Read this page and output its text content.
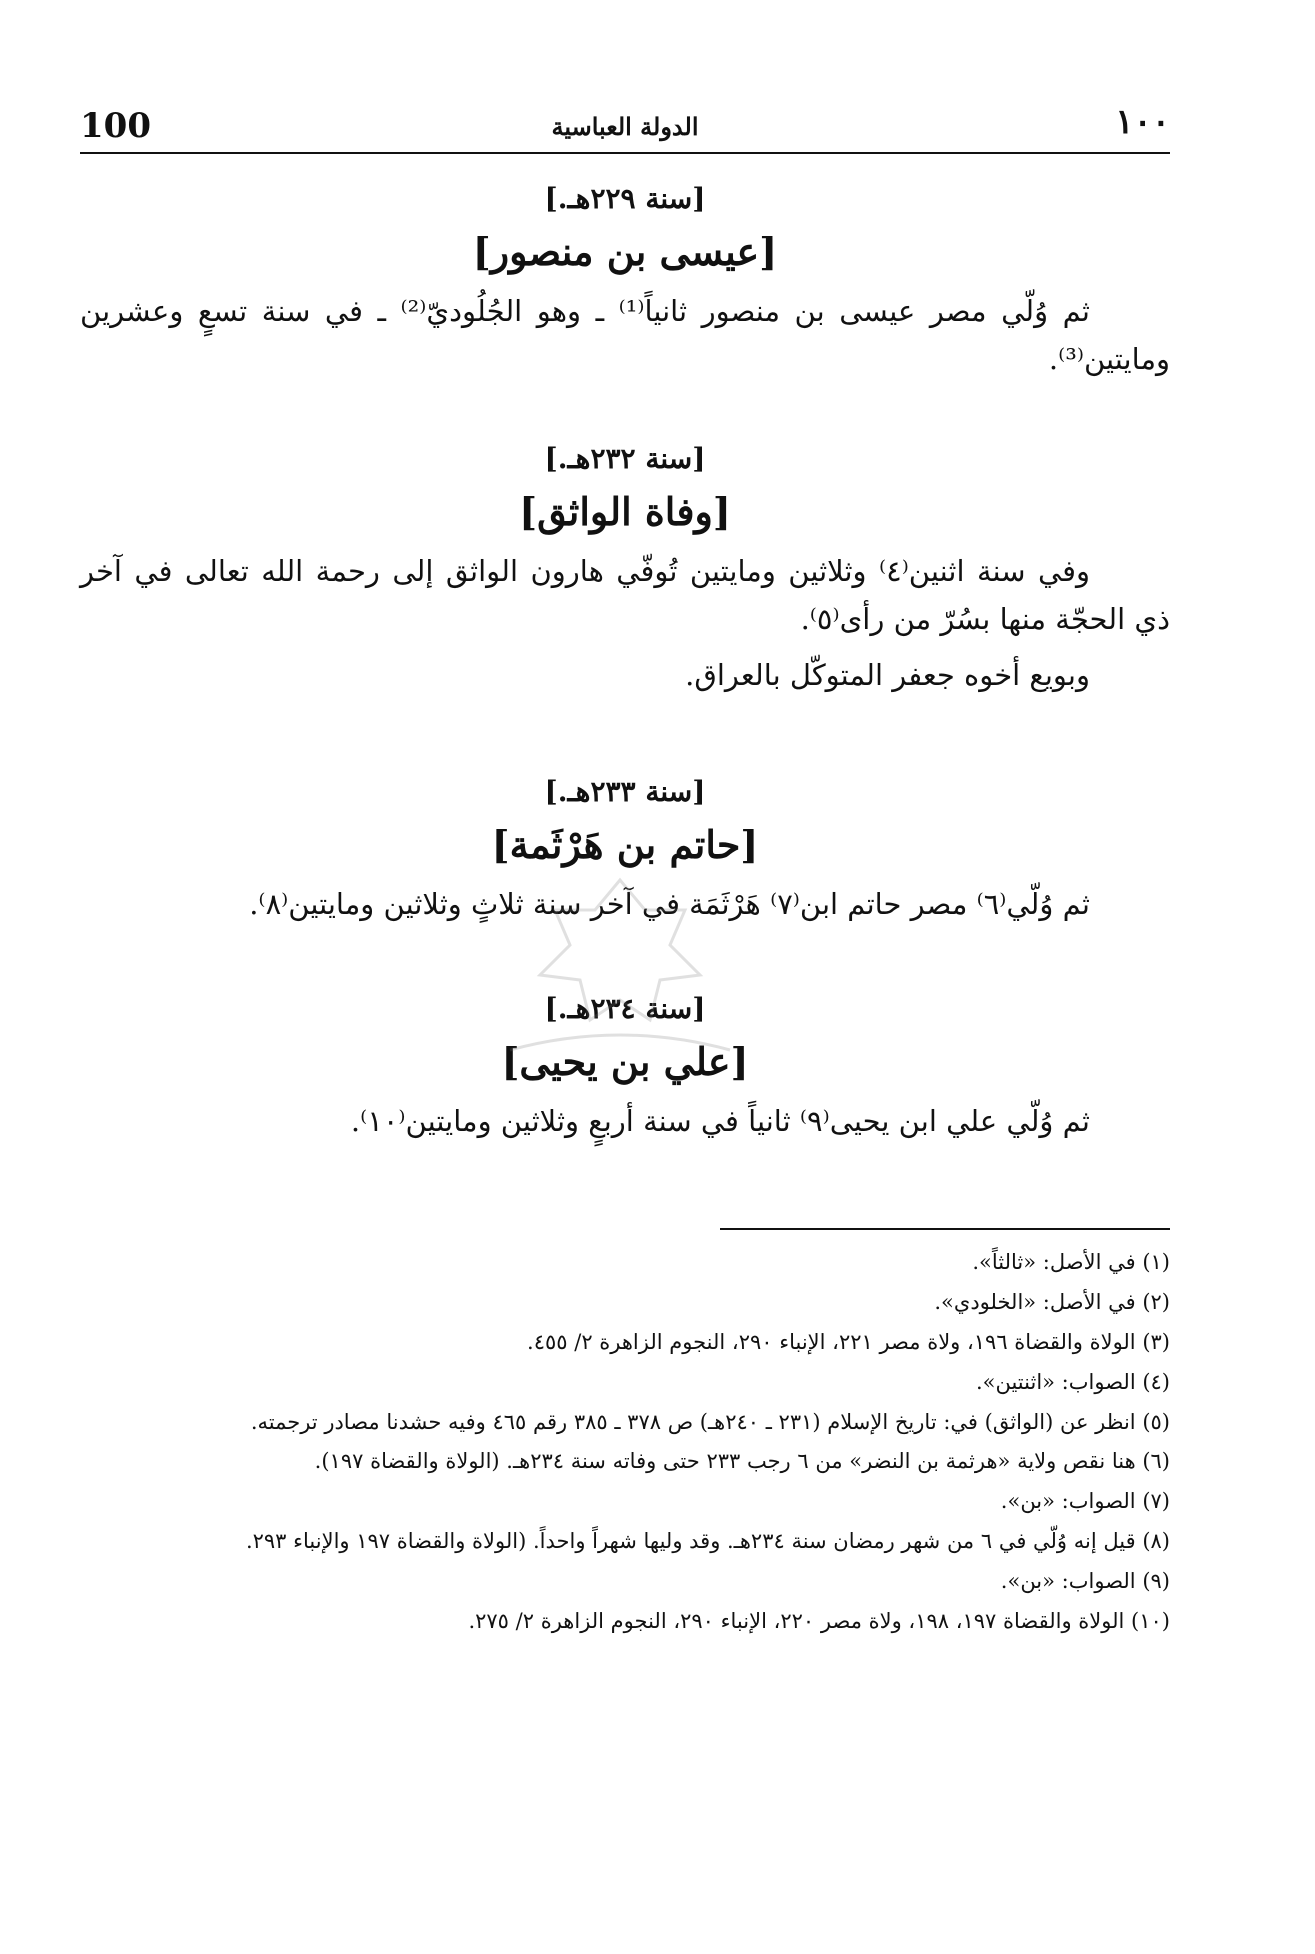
100	الدولة العباسية	١٠٠
[سنة ٢٢٩هـ.]
[عيسى بن منصور]

ثم وُلّي مصر عيسى بن منصور ثانياً⁽¹⁾ ـ وهو الجُلُوديّ⁽²⁾ ـ في سنة تسعٍ وعشرين ومايتين⁽³⁾.

[سنة ٢٣٢هـ.]
[وفاة الواثق]

وفي سنة اثنين⁽٤⁾ وثلاثين ومايتين تُوفّي هارون الواثق إلى رحمة الله تعالى في آخر ذي الحجّة منها بسُرّ من رأى⁽٥⁾.

وبويع أخوه جعفر المتوكّل بالعراق.

[سنة ٢٣٣هـ.]
[حاتم بن هَرْثَمة]

ثم وُلّي⁽٦⁾ مصر حاتم ابن⁽٧⁾ هَرْثَمَة في آخر سنة ثلاثٍ وثلاثين ومايتين⁽٨⁾.

[سنة ٢٣٤هـ.]
[علي بن يحيى]

ثم وُلّي علي ابن يحيى⁽٩⁾ ثانياً في سنة أربعٍ وثلاثين ومايتين⁽١٠⁾.

(١) في الأصل: «ثالثاً».

(٢) في الأصل: «الخلودي».

(٣) الولاة والقضاة ١٩٦، ولاة مصر ٢٢١، الإنباء ٢٩٠، النجوم الزاهرة ٢/ ٤٥٥.

(٤) الصواب: «اثنتين».

(٥) انظر عن (الواثق) في: تاريخ الإسلام (٢٣١ ـ ٢٤٠هـ) ص ٣٧٨ ـ ٣٨٥ رقم ٤٦٥ وفيه حشدنا مصادر ترجمته.

(٦) هنا نقص ولاية «هرثمة بن النضر» من ٦ رجب ٢٣٣ حتى وفاته سنة ٢٣٤هـ. (الولاة والقضاة ١٩٧).

(٧) الصواب: «بن».

(٨) قيل إنه وُلّي في ٦ من شهر رمضان سنة ٢٣٤هـ. وقد وليها شهراً واحداً. (الولاة والقضاة ١٩٧ والإنباء ٢٩٣.

(٩) الصواب: «بن».

(١٠) الولاة والقضاة ١٩٧، ١٩٨، ولاة مصر ٢٢٠، الإنباء ٢٩٠، النجوم الزاهرة ٢/ ٢٧٥.
